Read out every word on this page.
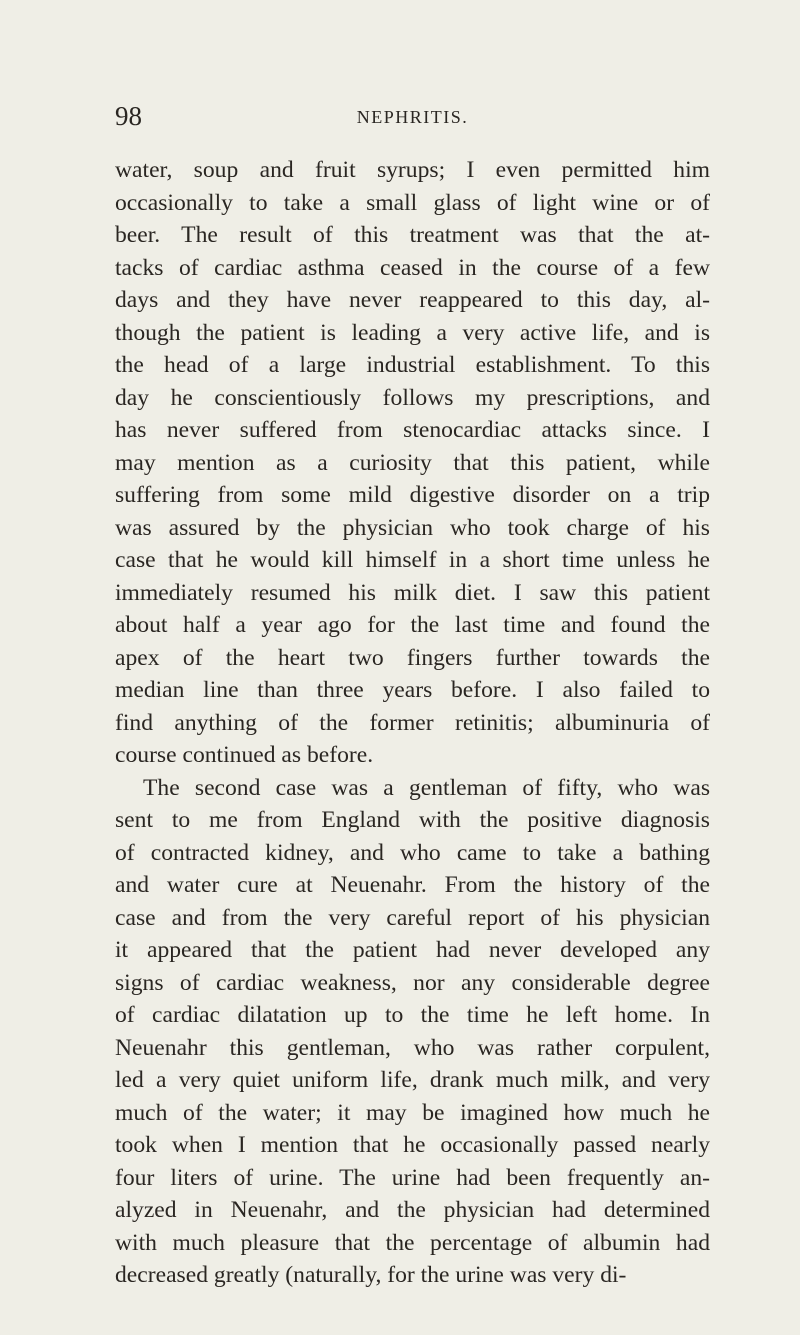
98	NEPHRITIS.

water, soup and fruit syrups; I even permitted him
occasionally to take a small glass of light wine or of
beer. The result of this treatment was that the at-
tacks of cardiac asthma ceased in the course of a few
days and they have never reappeared to this day, al-
though the patient is leading a very active life, and is
the head of a large industrial establishment. To this
day he conscientiously follows my prescriptions, and
has never suffered from stenocardiac attacks since. I
may mention as a curiosity that this patient, while
suffering from some mild digestive disorder on a trip
was assured by the physician who took charge of his
case that he would kill himself in a short time unless he
immediately resumed his milk diet. I saw this patient
about half a year ago for the last time and found the
apex of the heart two fingers further towards the
median line than three years before. I also failed to
find anything of the former retinitis; albuminuria of
course continued as before.

The second case was a gentleman of fifty, who was
sent to me from England with the positive diagnosis
of contracted kidney, and who came to take a bathing
and water cure at Neuenahr. From the history of the
case and from the very careful report of his physician
it appeared that the patient had never developed any
signs of cardiac weakness, nor any considerable degree
of cardiac dilatation up to the time he left home. In
Neuenahr this gentleman, who was rather corpulent,
led a very quiet uniform life, drank much milk, and very
much of the water; it may be imagined how much he
took when I mention that he occasionally passed nearly
four liters of urine. The urine had been frequently an-
alyzed in Neuenahr, and the physician had determined
with much pleasure that the percentage of albumin had
decreased greatly (naturally, for the urine was very di-
